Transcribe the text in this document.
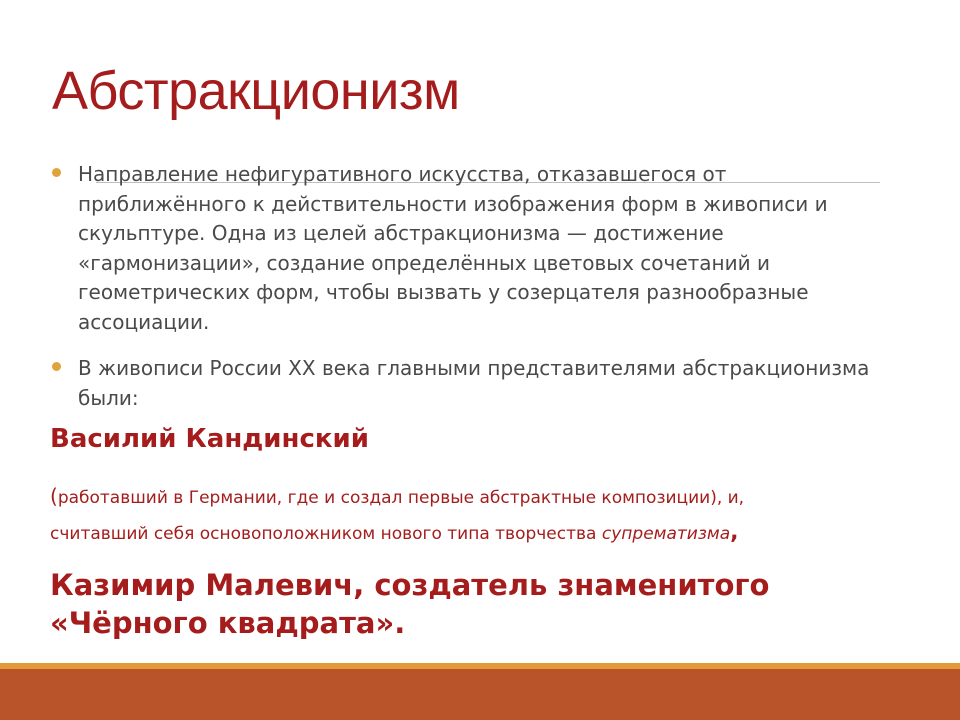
Абстракционизм
Направление нефигуративного искусства, отказавшегося от приближённого к действительности изображения форм в живописи и скульптуре. Одна из целей абстракционизма — достижение «гармонизации», создание определённых цветовых сочетаний и геометрических форм, чтобы вызвать у созерцателя разнообразные ассоциации.
В живописи России XX века главными представителями абстракционизма были:
Василий Кандинский
(работавший в Германии, где и создал первые абстрактные композиции), и,
считавший себя основоположником нового типа творчества супрематизма,
Казимир Малевич, создатель знаменитого «Чёрного квадрата».
